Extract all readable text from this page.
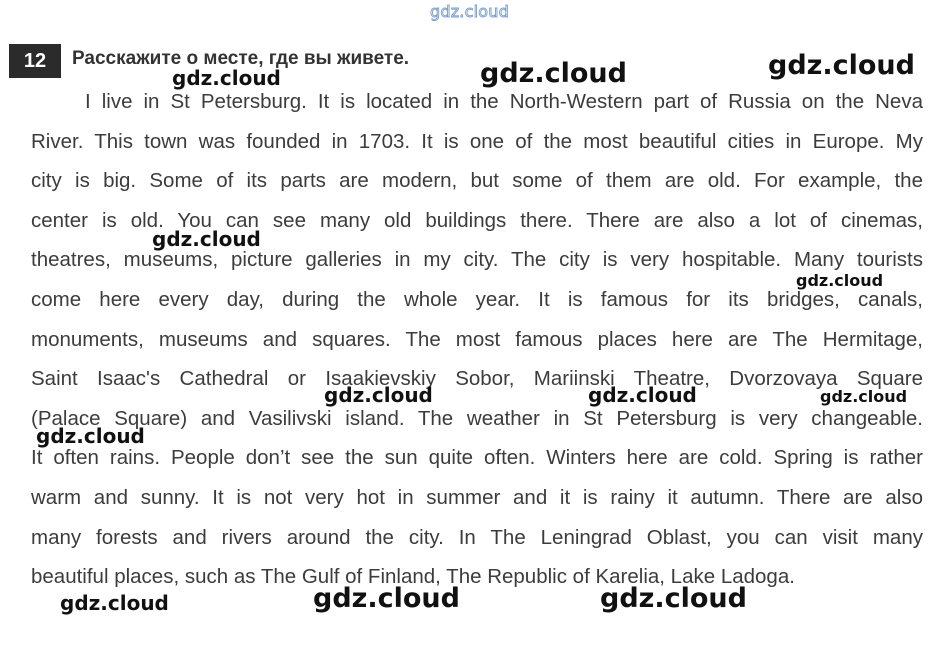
gdz.cloud
12	Расскажите о месте, где вы живете.
I live in St Petersburg. It is located in the North-Western part of Russia on the Neva
River. This town was founded in 1703. It is one of the most beautiful cities in Europe. My
city is big. Some of its parts are modern, but some of them are old. For example, the
center is old. You can see many old buildings there. There are also a lot of cinemas,
theatres, museums, picture galleries in my city. The city is very hospitable. Many tourists
come here every day, during the whole year. It is famous for its bridges, canals,
monuments, museums and squares. The most famous places here are The Hermitage,
Saint Isaac's Cathedral or Isaakievskiy Sobor, Mariinski Theatre, Dvorzovaya Square
(Palace Square) and Vasilivski island. The weather in St Petersburg is very changeable.
It often rains. People don’t see the sun quite often. Winters here are cold. Spring is rather
warm and sunny. It is not very hot in summer and it is rainy it autumn. There are also
many forests and rivers around the city. In The Leningrad Oblast, you can visit many
beautiful places, such as The Gulf of Finland, The Republic of Karelia, Lake Ladoga.
gdz.cloud	gdz.cloud	gdz.cloud
gdz.cloud
gdz.cloud
gdz.cloud	gdz.cloud	gdz.cloud
gdz.cloud
gdz.cloud	gdz.cloud	gdz.cloud
